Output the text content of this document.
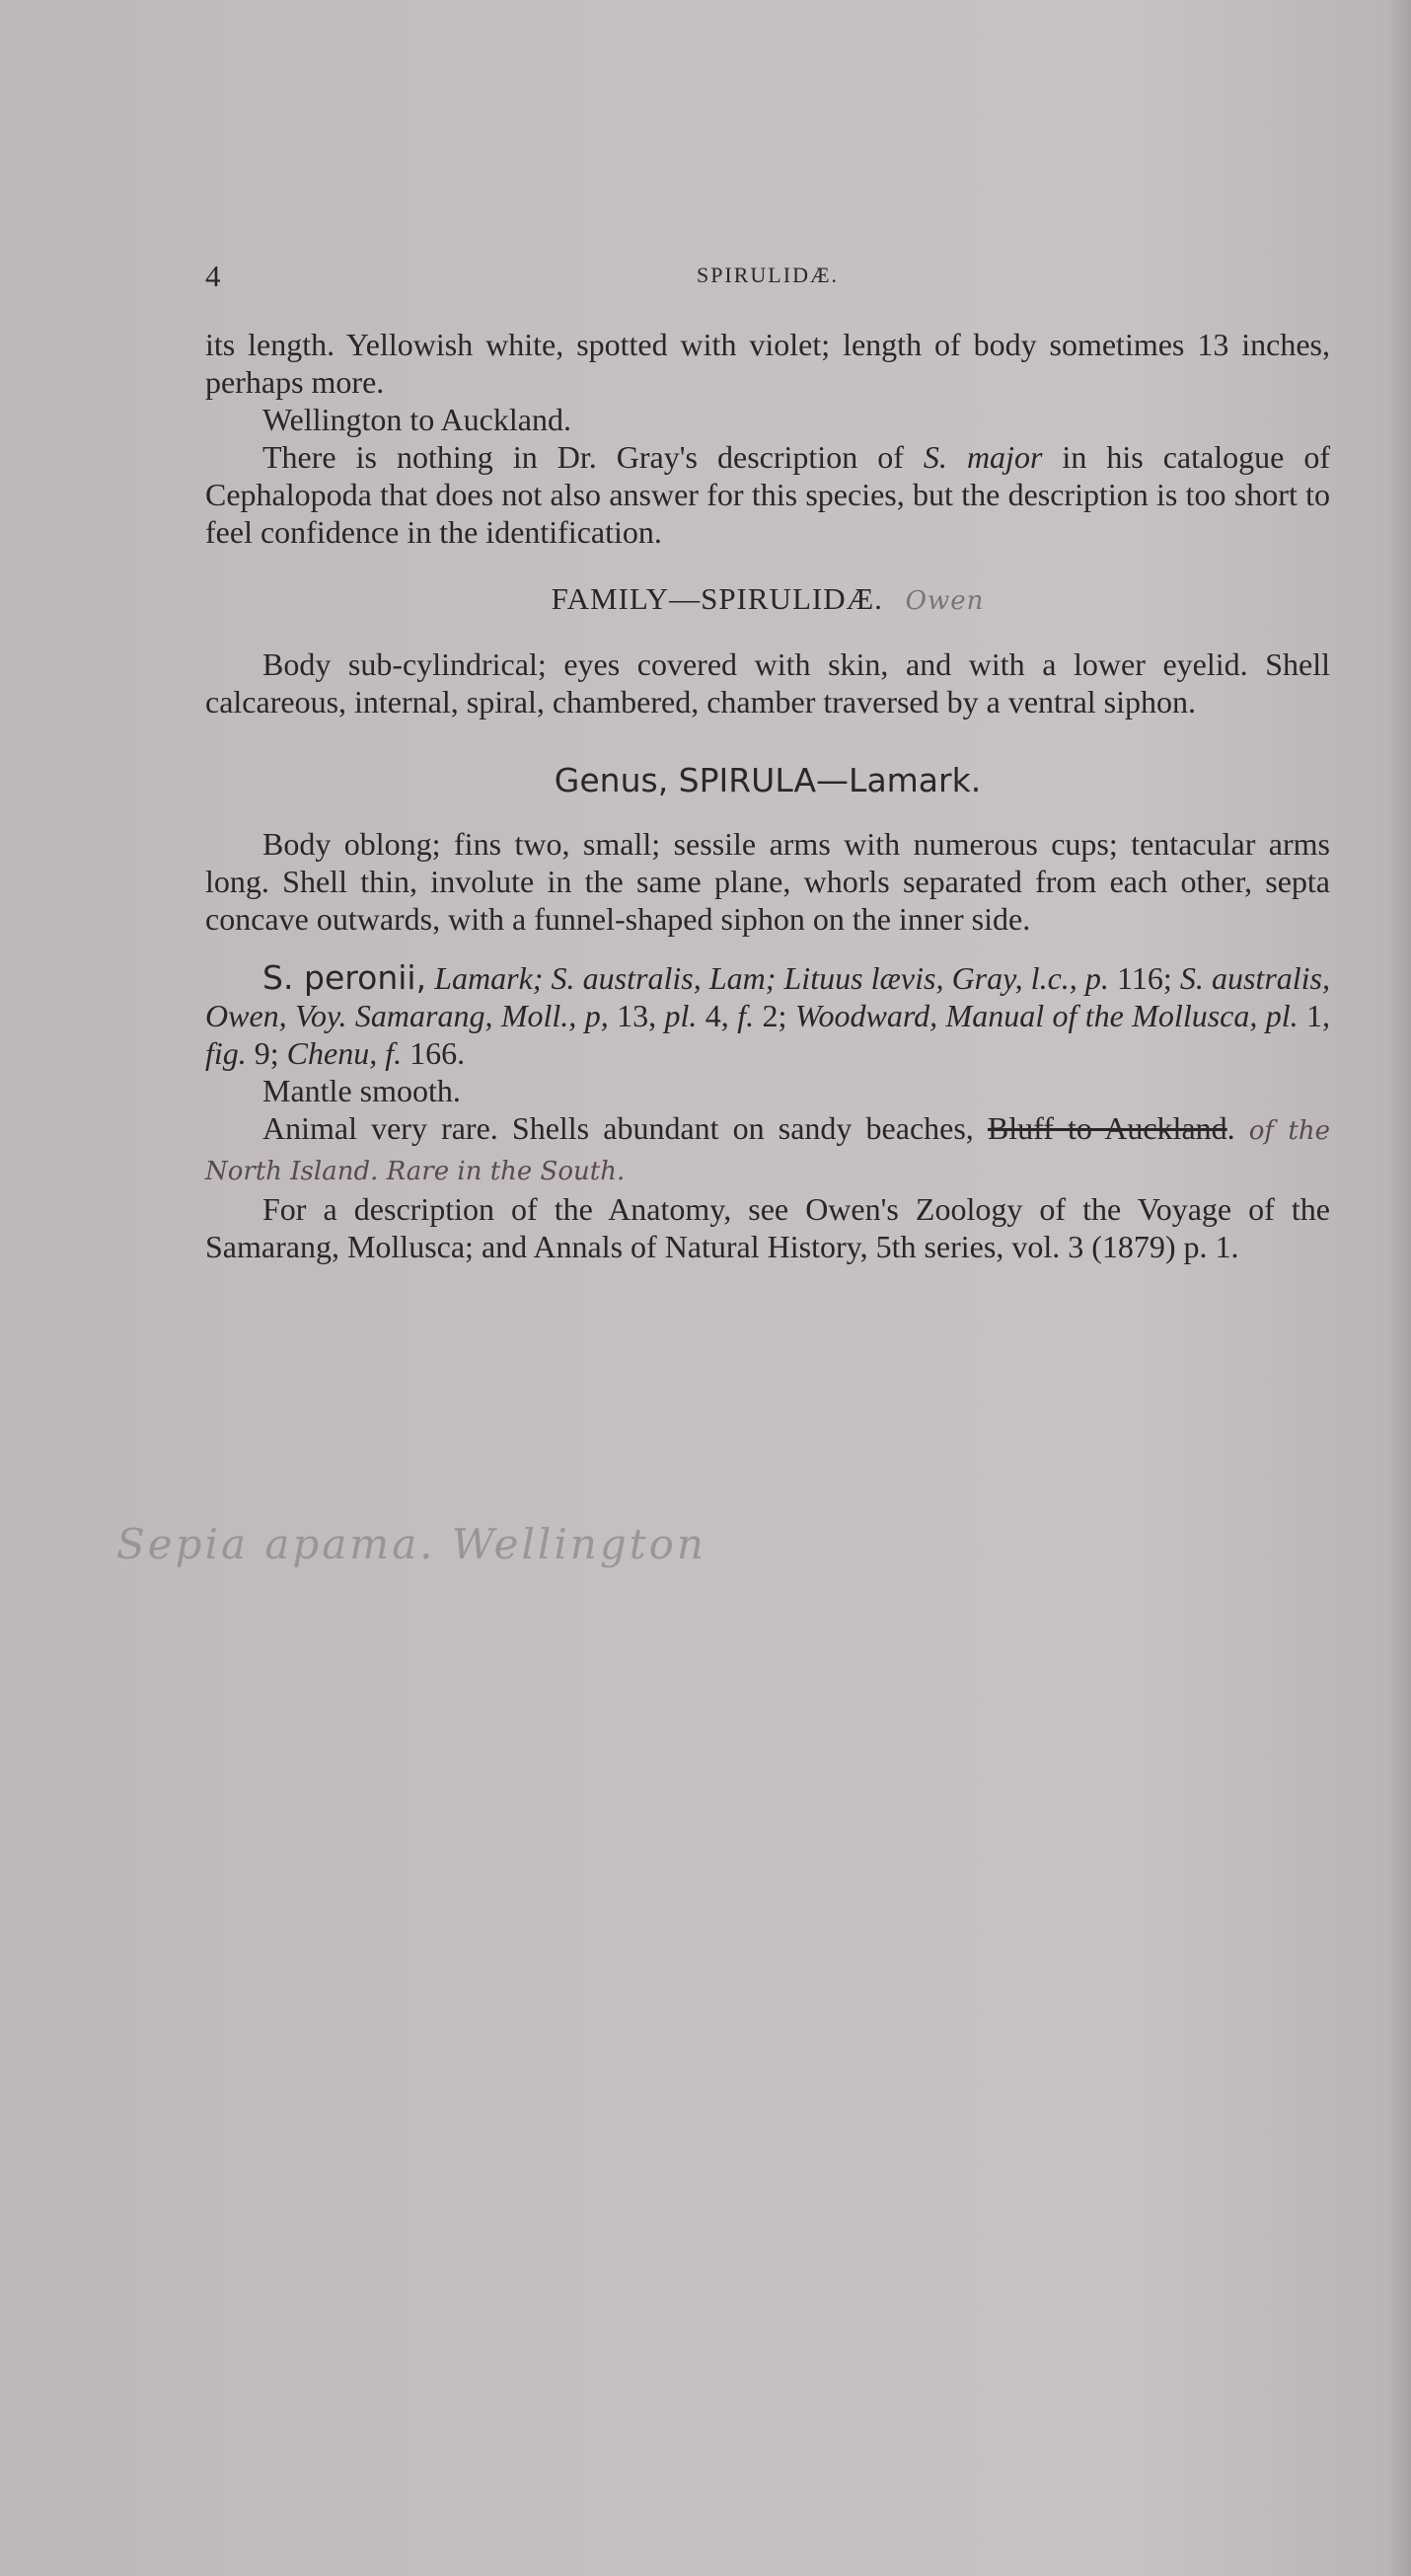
4	SPIRULIDÆ.

its length. Yellowish white, spotted with violet; length of body sometimes 13 inches, perhaps more.

Wellington to Auckland.

There is nothing in Dr. Gray's description of S. major in his catalogue of Cephalopoda that does not also answer for this species, but the description is too short to feel confidence in the identification.

FAMILY—SPIRULIDÆ. Owen

Body sub-cylindrical; eyes covered with skin, and with a lower eyelid. Shell calcareous, internal, spiral, chambered, chamber traversed by a ventral siphon.

Genus, SPIRULA—Lamark.

Body oblong; fins two, small; sessile arms with numerous cups; tentacular arms long. Shell thin, involute in the same plane, whorls separated from each other, septa concave outwards, with a funnel-shaped siphon on the inner side.

S. peronii, Lamark; S. australis, Lam; Lituus lævis, Gray, l.c., p. 116; S. australis, Owen, Voy. Samarang, Moll., p, 13, pl. 4, f. 2; Woodward, Manual of the Mollusca, pl. 1, fig. 9; Chenu, f. 166.

Mantle smooth.

Animal very rare. Shells abundant on sandy beaches, Bluff to Auckland. of the North Island. Rare in the South.

For a description of the Anatomy, see Owen's Zoology of the Voyage of the Samarang, Mollusca; and Annals of Natural History, 5th series, vol. 3 (1879) p. 1.

Sepia apama. Wellington
